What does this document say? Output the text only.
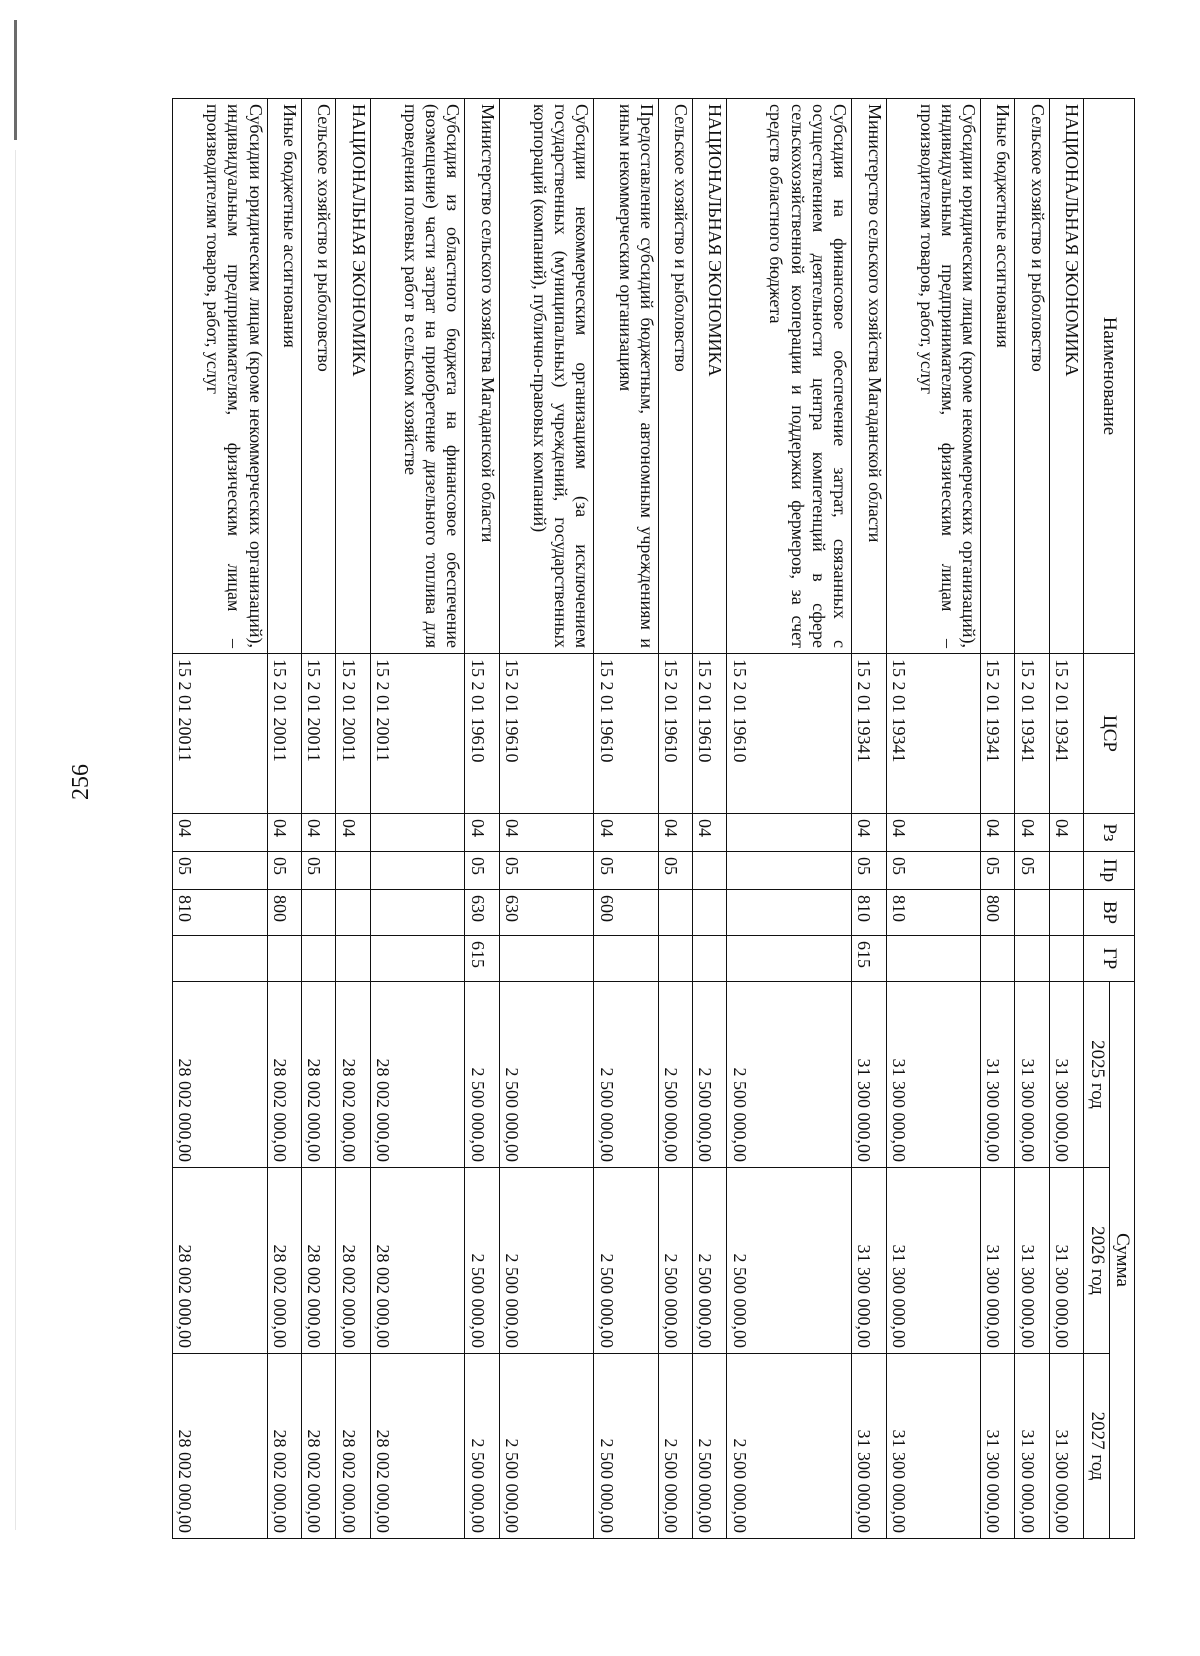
256
Наименование	ЦСР	Рз	Пр	ВР	ГР	Сумма		
						2025 год	2026 год	2027 год
НАЦИОНАЛЬНАЯ ЭКОНОМИКА	15 2 01 19341	04				31 300 000,00	31 300 000,00	31 300 000,00
Сельское хозяйство и рыболовство	15 2 01 19341	04	05			31 300 000,00	31 300 000,00	31 300 000,00
Иные бюджетные ассигнования	15 2 01 19341	04	05	800		31 300 000,00	31 300 000,00	31 300 000,00
Субсидии юридическим лицам (кроме некоммерческих организаций), индивидуальным предпринимателям, физическим лицам – производителям товаров, работ, услуг	15 2 01 19341	04	05	810		31 300 000,00	31 300 000,00	31 300 000,00
Министерство сельского хозяйства Магаданской области	15 2 01 19341	04	05	810	615	31 300 000,00	31 300 000,00	31 300 000,00
Субсидия на финансовое обеспечение затрат, связанных с осуществлением деятельности центра компетенций в сфере сельскохозяйственной кооперации и поддержки фермеров, за счет средств областного бюджета	15 2 01 19610					2 500 000,00	2 500 000,00	2 500 000,00
НАЦИОНАЛЬНАЯ ЭКОНОМИКА	15 2 01 19610	04				2 500 000,00	2 500 000,00	2 500 000,00
Сельское хозяйство и рыболовство	15 2 01 19610	04	05			2 500 000,00	2 500 000,00	2 500 000,00
Предоставление субсидий бюджетным, автономным учреждениям и иным некоммерческим организациям	15 2 01 19610	04	05	600		2 500 000,00	2 500 000,00	2 500 000,00
Субсидии некоммерческим организациям (за исключением государственных (муниципальных) учреждений, государственных корпораций (компаний), публично-правовых компаний)	15 2 01 19610	04	05	630		2 500 000,00	2 500 000,00	2 500 000,00
Министерство сельского хозяйства Магаданской области	15 2 01 19610	04	05	630	615	2 500 000,00	2 500 000,00	2 500 000,00
Субсидия из областного бюджета на финансовое обеспечение (возмещение) части затрат на приобретение дизельного топлива для проведения полевых работ в сельском хозяйстве	15 2 01 20011					28 002 000,00	28 002 000,00	28 002 000,00
НАЦИОНАЛЬНАЯ ЭКОНОМИКА	15 2 01 20011	04				28 002 000,00	28 002 000,00	28 002 000,00
Сельское хозяйство и рыболовство	15 2 01 20011	04	05			28 002 000,00	28 002 000,00	28 002 000,00
Иные бюджетные ассигнования	15 2 01 20011	04	05	800		28 002 000,00	28 002 000,00	28 002 000,00
Субсидии юридическим лицам (кроме некоммерческих организаций), индивидуальным предпринимателям, физическим лицам – производителям товаров, работ, услуг	15 2 01 20011	04	05	810		28 002 000,00	28 002 000,00	28 002 000,00
